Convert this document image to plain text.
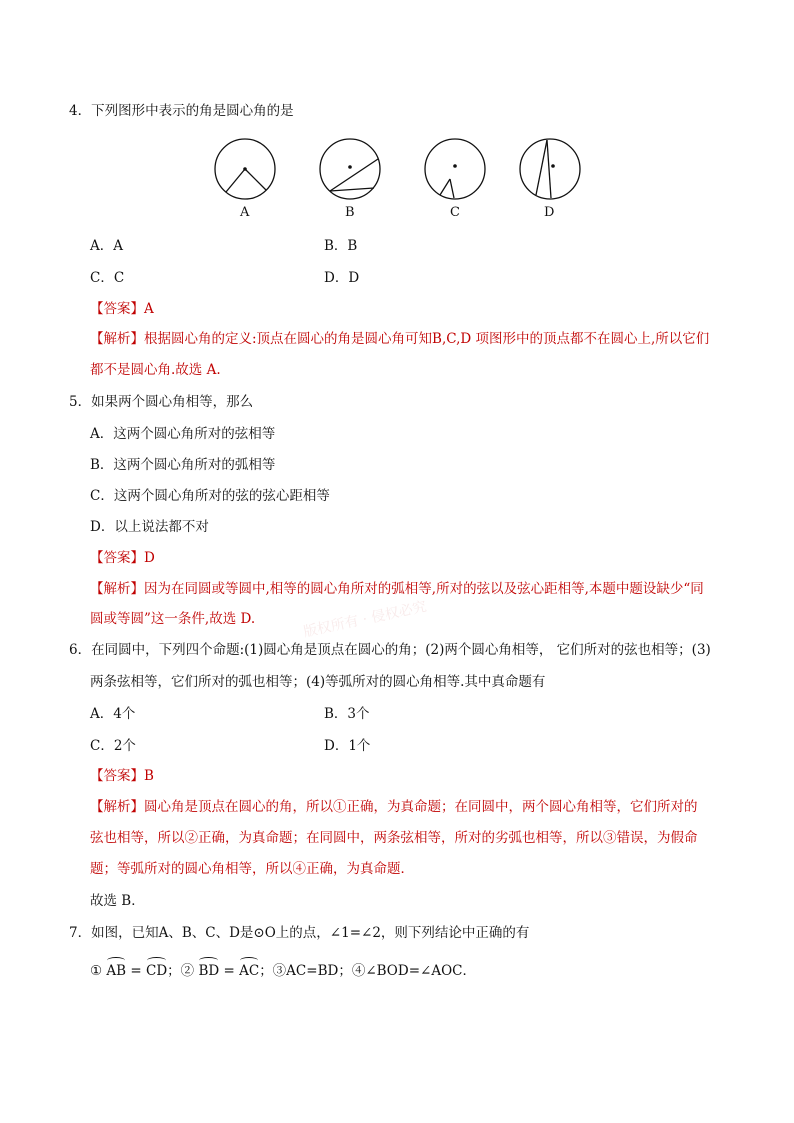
4．下列图形中表示的角是圆心角的是
A	B	C	D
A．A	B．B
C．C	D．D
【答案】A
【解析】根据圆心角的定义:顶点在圆心的角是圆心角可知B,C,D 项图形中的顶点都不在圆心上,所以它们
都不是圆心角.故选 A.
5．如果两个圆心角相等，那么
A．这两个圆心角所对的弦相等
B．这两个圆心角所对的弧相等
C．这两个圆心角所对的弦的弦心距相等
D．以上说法都不对
【答案】D
【解析】因为在同圆或等圆中,相等的圆心角所对的弧相等,所对的弦以及弦心距相等,本题中题设缺少“同
圆或等圆”这一条件,故选 D.	版权所有 · 侵权必究
6．在同圆中，下列四个命题:(1)圆心角是顶点在圆心的角；(2)两个圆心角相等， 它们所对的弦也相等；(3)
两条弦相等，它们所对的弧也相等；(4)等弧所对的圆心角相等.其中真命题有
A．4个	B．3个
C．2个	D．1个
【答案】B
【解析】圆心角是顶点在圆心的角，所以①正确，为真命题；在同圆中，两个圆心角相等，它们所对的
弦也相等，所以②正确，为真命题；在同圆中，两条弦相等，所对的劣弧也相等，所以③错误，为假命
题；等弧所对的圆心角相等，所以④正确，为真命题．
故选 B．
7．如图，已知A、B、C、D是⊙O上的点，∠1=∠2，则下列结论中正确的有
① AB =
CD；② BD =
AC；③AC=BD；④∠BOD=∠AOC．
